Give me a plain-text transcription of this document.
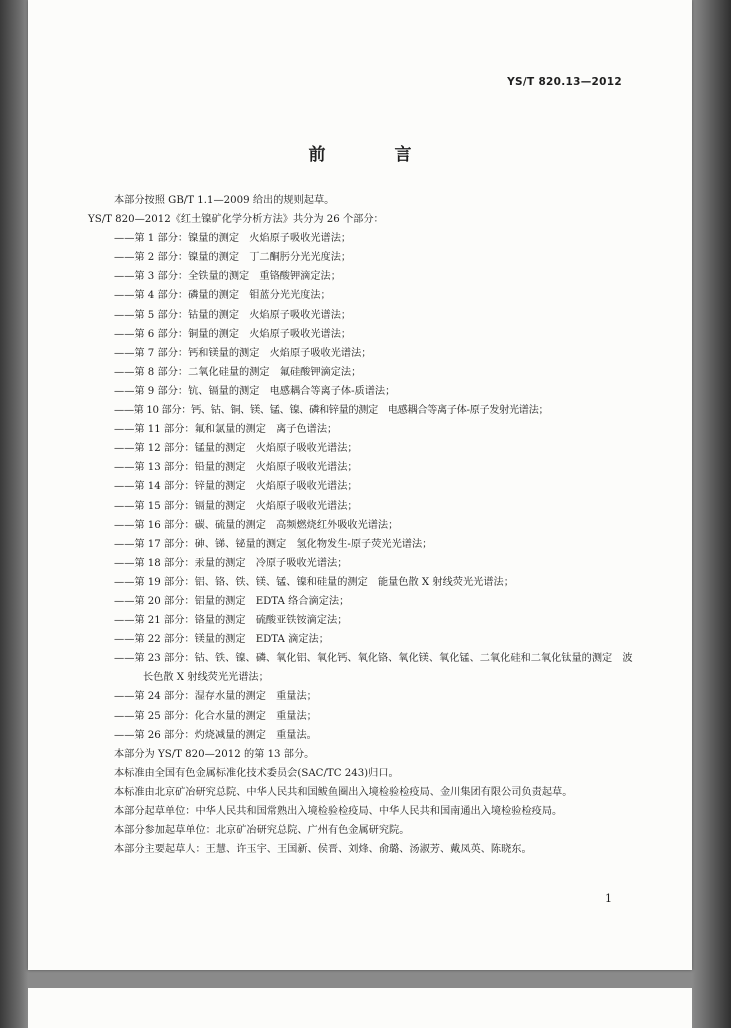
YS/T 820.13—2012
前　言

本部分按照 GB/T 1.1—2009 给出的规则起草。

YS/T 820—2012《红土镍矿化学分析方法》共分为 26 个部分：

——第 1 部分：镍量的测定　火焰原子吸收光谱法；
——第 2 部分：镍量的测定　丁二酮肟分光光度法；
——第 3 部分：全铁量的测定　重铬酸钾滴定法；
——第 4 部分：磷量的测定　钼蓝分光光度法；
——第 5 部分：钴量的测定　火焰原子吸收光谱法；
——第 6 部分：铜量的测定　火焰原子吸收光谱法；
——第 7 部分：钙和镁量的测定　火焰原子吸收光谱法；
——第 8 部分：二氧化硅量的测定　氟硅酸钾滴定法；
——第 9 部分：钪、镉量的测定　电感耦合等离子体-质谱法；
——第 10 部分：钙、钴、铜、镁、锰、镍、磷和锌量的测定　电感耦合等离子体-原子发射光谱法；
——第 11 部分：氟和氯量的测定　离子色谱法；
——第 12 部分：锰量的测定　火焰原子吸收光谱法；
——第 13 部分：铅量的测定　火焰原子吸收光谱法；
——第 14 部分：锌量的测定　火焰原子吸收光谱法；
——第 15 部分：镉量的测定　火焰原子吸收光谱法；
——第 16 部分：碳、硫量的测定　高频燃烧红外吸收光谱法；
——第 17 部分：砷、锑、铋量的测定　氢化物发生-原子荧光光谱法；
——第 18 部分：汞量的测定　冷原子吸收光谱法；
——第 19 部分：铝、铬、铁、镁、锰、镍和硅量的测定　能量色散 X 射线荧光光谱法；
——第 20 部分：铝量的测定　EDTA 络合滴定法；
——第 21 部分：铬量的测定　硫酸亚铁铵滴定法；
——第 22 部分：镁量的测定　EDTA 滴定法；
——第 23 部分：钴、铁、镍、磷、氧化铝、氧化钙、氧化铬、氧化镁、氧化锰、二氧化硅和二氧化钛量的测定　波长色散 X 射线荧光光谱法；
——第 24 部分：湿存水量的测定　重量法；
——第 25 部分：化合水量的测定　重量法；
——第 26 部分：灼烧减量的测定　重量法。

本部分为 YS/T 820—2012 的第 13 部分。

本标准由全国有色金属标准化技术委员会(SAC/TC 243)归口。

本标准由北京矿冶研究总院、中华人民共和国鲅鱼圈出入境检验检疫局、金川集团有限公司负责起草。

本部分起草单位：中华人民共和国常熟出入境检验检疫局、中华人民共和国南通出入境检验检疫局。

本部分参加起草单位：北京矿冶研究总院、广州有色金属研究院。

本部分主要起草人：王慧、许玉宇、王国新、侯晋、刘烽、俞璐、汤淑芳、戴凤英、陈晓东。

1
